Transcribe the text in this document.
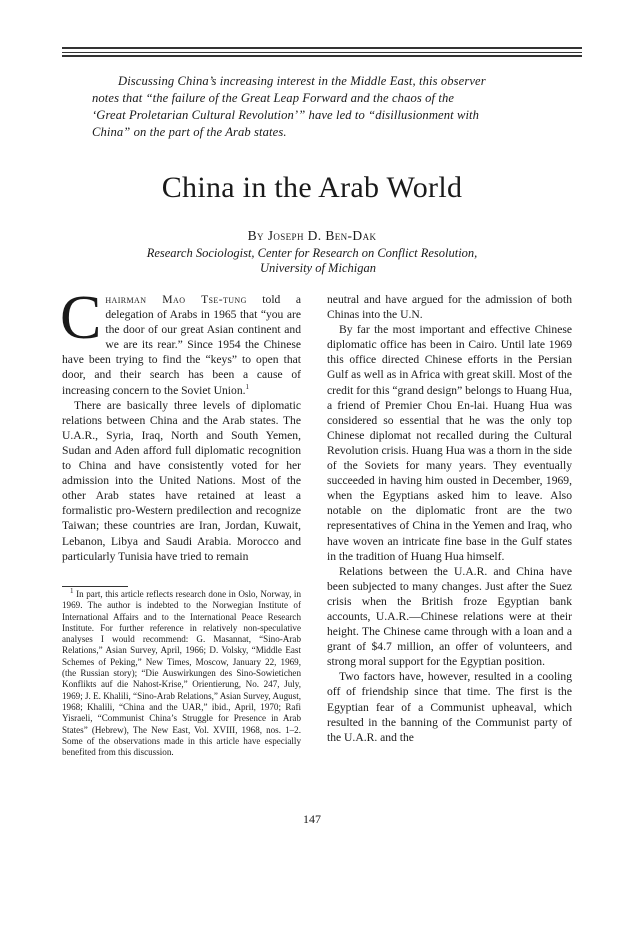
Discussing China’s increasing interest in the Middle East, this observer
notes that “the failure of the Great Leap Forward and the chaos of the
‘Great Proletarian Cultural Revolution’” have led to “disillusionment with
China” on the part of the Arab states.
China in the Arab World
By Joseph D. Ben-Dak
Research Sociologist, Center for Research on Conflict Resolution,
University of Michigan

Chairman Mao Tse-tung told a delegation of Arabs in 1965 that “you are the door of our great Asian continent and we are its rear.” Since 1954 the Chinese have been trying to find the “keys” to open that door, and their search has been a cause of increasing concern to the Soviet Union.$^1$

There are basically three levels of diplomatic relations between China and the Arab states. The U.A.R., Syria, Iraq, North and South Yemen, Sudan and Aden afford full diplomatic recognition to China and have consistently voted for her admission into the United Nations. Most of the other Arab states have retained at least a formalistic pro-Western predilection and recognize Taiwan; these countries are Iran, Jordan, Kuwait, Lebanon, Libya and Saudi Arabia. Morocco and particularly Tunisia have tried to remain

$^1$ In part, this article reflects research done in Oslo, Norway, in 1969. The author is indebted to the Norwegian Institute of International Affairs and to the International Peace Research Institute. For further reference in relatively non-speculative analyses I would recommend: G. Masannat, “Sino-Arab Relations,” Asian Survey, April, 1966; D. Volsky, “Middle East Schemes of Peking,” New Times, Moscow, January 22, 1969, (the Russian story); “Die Auswirkungen des Sino-Sowietichen Konflikts auf die Nahost-Krise,” Orientierung, No. 247, July, 1969; J. E. Khalili, “Sino-Arab Relations,” Asian Survey, August, 1968; Khalili, “China and the UAR,” ibid., April, 1970; Rafi Yisraeli, “Communist China’s Struggle for Presence in Arab States” (Hebrew), The New East, Vol. XVIII, 1968, nos. 1–2. Some of the observations made in this article have especially benefited from this discussion.

neutral and have argued for the admission of both Chinas into the U.N.

By far the most important and effective Chinese diplomatic office has been in Cairo. Until late 1969 this office directed Chinese efforts in the Persian Gulf as well as in Africa with great skill. Most of the credit for this “grand design” belongs to Huang Hua, a friend of Premier Chou En-lai. Huang Hua was considered so essential that he was the only top Chinese diplomat not recalled during the Cultural Revolution crisis. Huang Hua was a thorn in the side of the Soviets for many years. They eventually succeeded in having him ousted in December, 1969, when the Egyptians asked him to leave. Also notable on the diplomatic front are the two representatives of China in the Yemen and Iraq, who have woven an intricate fine base in the Gulf states in the tradition of Huang Hua himself.

Relations between the U.A.R. and China have been subjected to many changes. Just after the Suez crisis when the British froze Egyptian bank accounts, U.A.R.—Chinese relations were at their height. The Chinese came through with a loan and a grant of $4.7 million, an offer of volunteers, and strong moral support for the Egyptian position.

Two factors have, however, resulted in a cooling off of friendship since that time. The first is the Egyptian fear of a Communist upheaval, which resulted in the banning of the Communist party of the U.A.R. and the

147
